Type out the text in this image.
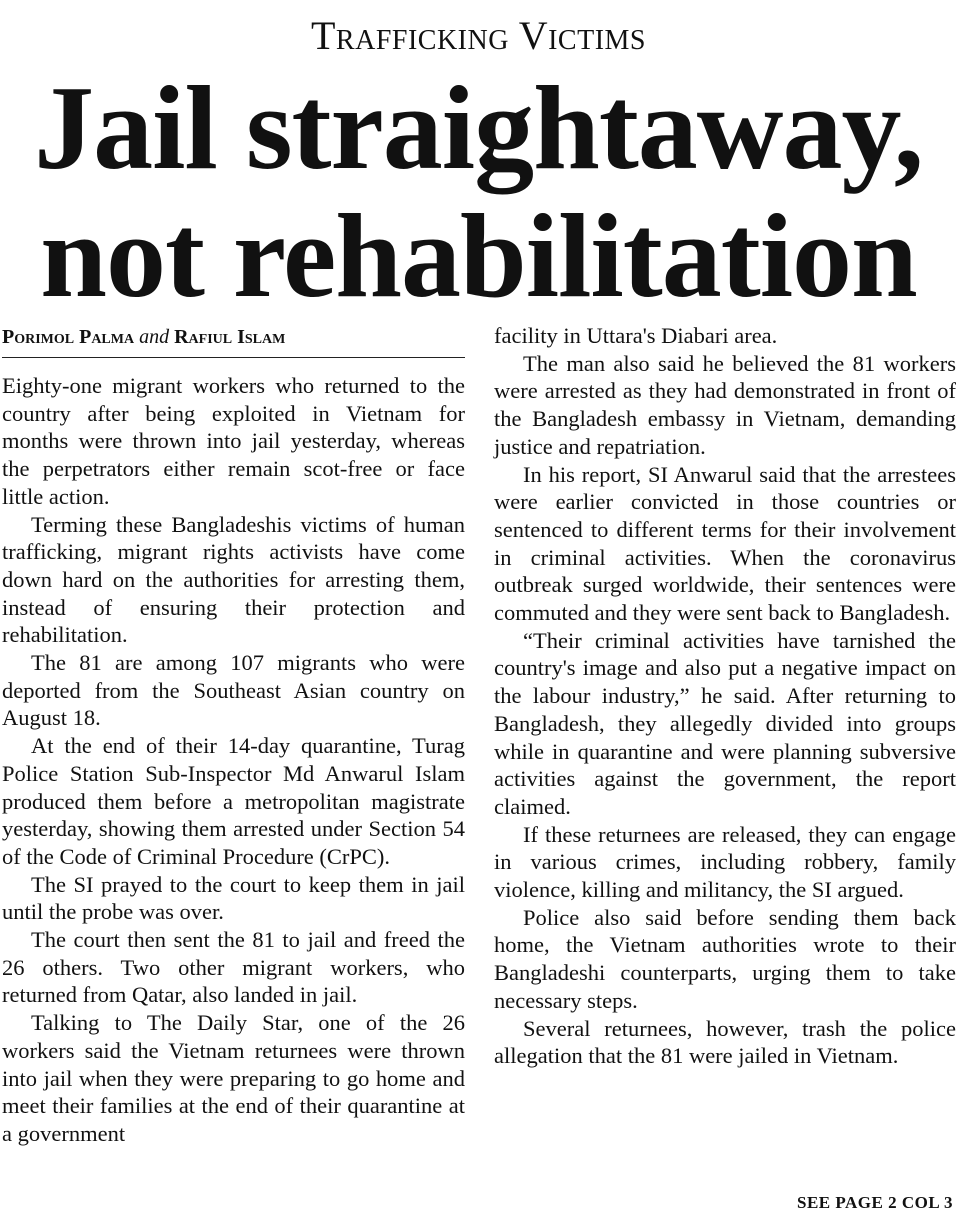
Trafficking Victims
Jail straightaway,
not rehabilitation
Porimol Palma and Rafiul Islam

Eighty-one migrant workers who returned to the country after being exploited in Vietnam for months were thrown into jail yesterday, whereas the perpetrators either remain scot-free or face little action.

Terming these Bangladeshis victims of human trafficking, migrant rights activists have come down hard on the authorities for arresting them, instead of ensuring their protection and rehabilitation.

The 81 are among 107 migrants who were deported from the Southeast Asian country on August 18.

At the end of their 14-day quarantine, Turag Police Station Sub-Inspector Md Anwarul Islam produced them before a metropolitan magistrate yesterday, showing them arrested under Section 54 of the Code of Criminal Procedure (CrPC).

The SI prayed to the court to keep them in jail until the probe was over.

The court then sent the 81 to jail and freed the 26 others. Two other migrant workers, who returned from Qatar, also landed in jail.

Talking to The Daily Star, one of the 26 workers said the Vietnam returnees were thrown into jail when they were preparing to go home and meet their families at the end of their quarantine at a government

facility in Uttara's Diabari area.

The man also said he believed the 81 workers were arrested as they had demonstrated in front of the Bangladesh embassy in Vietnam, demanding justice and repatriation.

In his report, SI Anwarul said that the arrestees were earlier convicted in those countries or sentenced to different terms for their involvement in criminal activities. When the coronavirus outbreak surged worldwide, their sentences were commuted and they were sent back to Bangladesh.

“Their criminal activities have tarnished the country's image and also put a negative impact on the labour industry,” he said. After returning to Bangladesh, they allegedly divided into groups while in quarantine and were planning subversive activities against the government, the report claimed.

If these returnees are released, they can engage in various crimes, including robbery, family violence, killing and militancy, the SI argued.

Police also said before sending them back home, the Vietnam authorities wrote to their Bangladeshi counterparts, urging them to take necessary steps.

Several returnees, however, trash the police allegation that the 81 were jailed in Vietnam.

SEE PAGE 2 COL 3
